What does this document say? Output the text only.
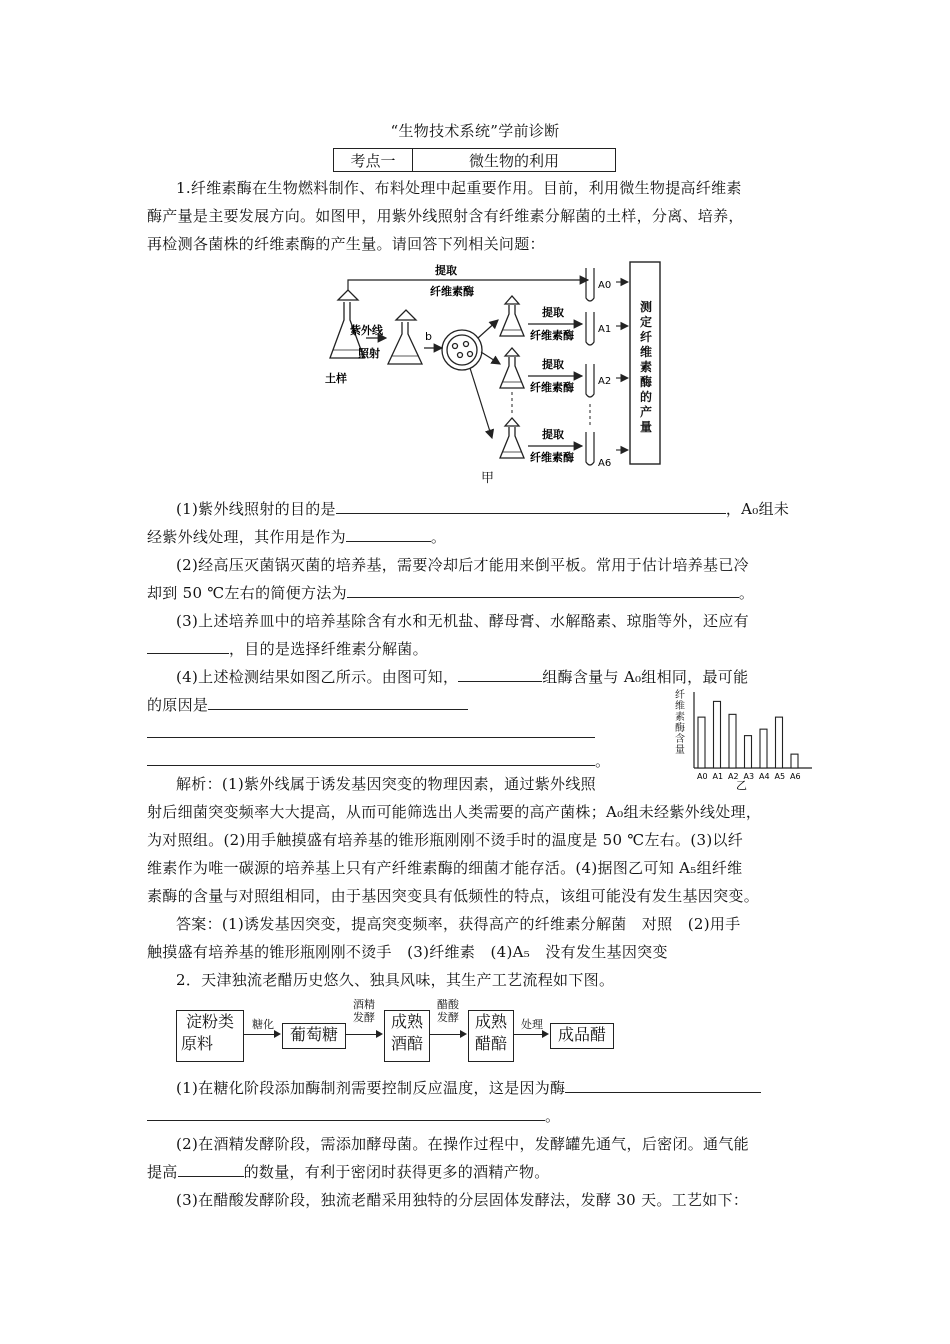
“生物技术系统”学前诊断
考点一	微生物的利用
1.纤维素酶在生物燃料制作、布料处理中起重要作用。目前，利用微生物提高纤维素
酶产量是主要发展方向。如图甲，用紫外线照射含有纤维素分解菌的土样，分离、培养，
再检测各菌株的纤维素酶的产生量。请回答下列相关问题：
提取
纤维素酶
紫外线
照射
土样
b
提取
纤维素酶
提取
纤维素酶
提取
纤维素酶
A0
A1
A2
A6
测定纤维素酶的产量
甲
(1)紫外线照射的目的是	，A₀组未
经紫外线处理，其作用是作为	。
(2)经高压灭菌锅灭菌的培养基，需要冷却后才能用来倒平板。常用于估计培养基已冷
却到 50 ℃左右的简便方法为	。
(3)上述培养皿中的培养基除含有水和无机盐、酵母膏、水解酪素、琼脂等外，还应有
，目的是选择纤维素分解菌。
(4)上述检测结果如图乙所示。由图可知，	组酶含量与 A₀组相同，最可能
的原因是
。
乙
A0 A1 A2 A3 A4 A5 A6
纤维素酶含量
解析：(1)紫外线属于诱发基因突变的物理因素，通过紫外线照
射后细菌突变频率大大提高，从而可能筛选出人类需要的高产菌株；A₀组未经紫外线处理，
为对照组。(2)用手触摸盛有培养基的锥形瓶刚刚不烫手时的温度是 50 ℃左右。(3)以纤
维素作为唯一碳源的培养基上只有产纤维素酶的细菌才能存活。(4)据图乙可知 A₅组纤维
素酶的含量与对照组相同，由于基因突变具有低频性的特点，该组可能没有发生基因突变。
答案：(1)诱发基因突变，提高突变频率，获得高产的纤维素分解菌　对照　(2)用手
触摸盛有培养基的锥形瓶刚刚不烫手　(3)纤维素　(4)A₅　没有发生基因突变
2．天津独流老醋历史悠久、独具风味，其生产工艺流程如下图。
淀粉类
原料
糖化
葡萄糖
酒精
发酵 成熟
酒醅
醋酸
发酵 成熟
醋醅
处理
成品醋
(1)在糖化阶段添加酶制剂需要控制反应温度，这是因为酶
。
(2)在酒精发酵阶段，需添加酵母菌。在操作过程中，发酵罐先通气，后密闭。通气能
提高	的数量，有利于密闭时获得更多的酒精产物。
(3)在醋酸发酵阶段，独流老醋采用独特的分层固体发酵法，发酵 30 天。工艺如下：
